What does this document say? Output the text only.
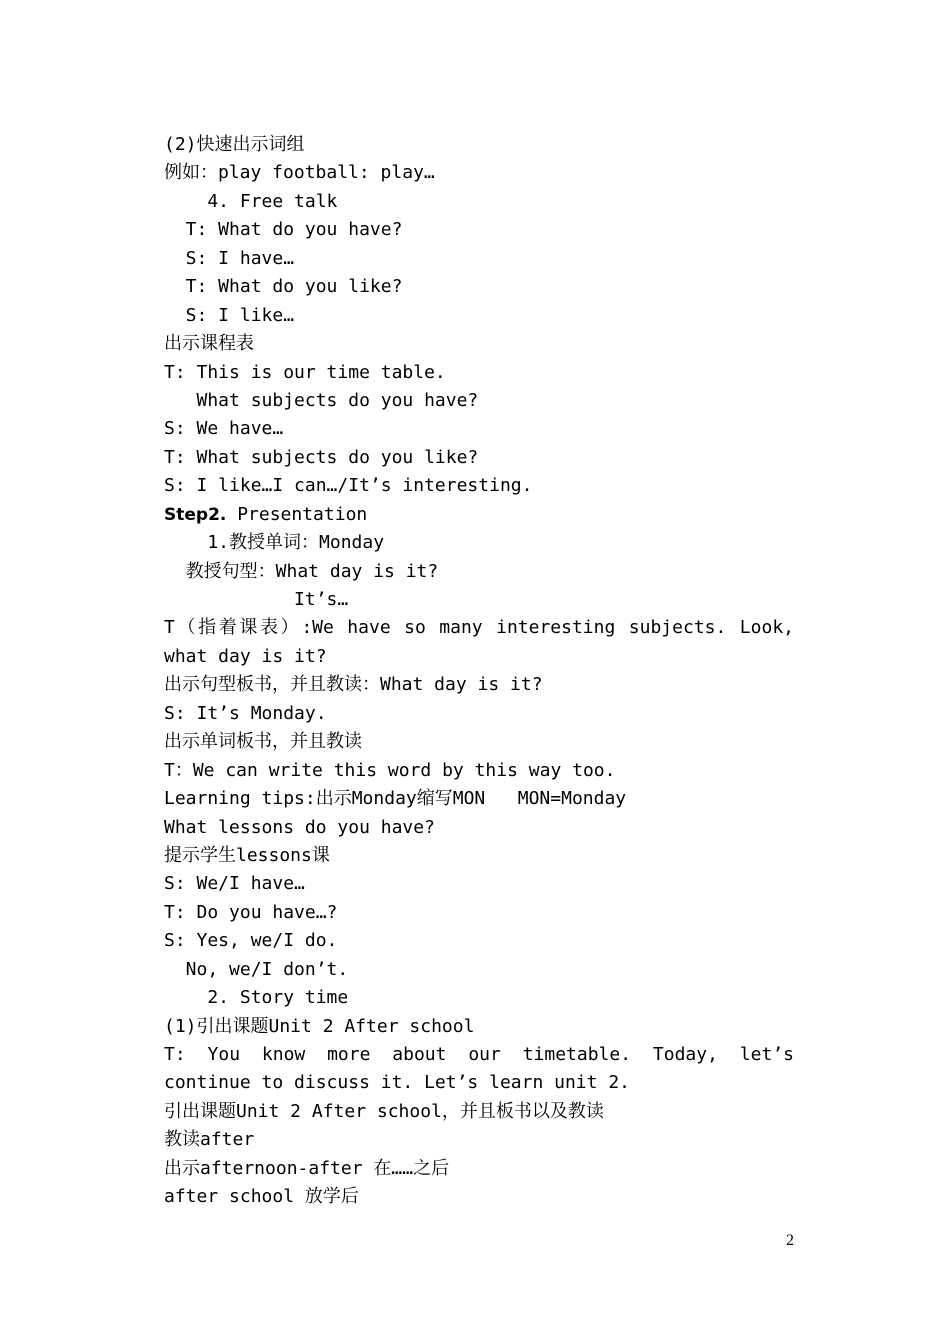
(2)快速出示词组
例如：play football: play…
4. Free talk
T: What do you have?
S: I have…
T: What do you like?
S: I like…
出示课程表
T: This is our time table.
What subjects do you have?
S: We have…
T: What subjects do you like?
S: I like…I can…/It’s interesting.
Step2. Presentation
1.教授单词：Monday
教授句型：What day is it?
It’s…
T（指着课表）:We have so many interesting subjects. Look,
what day is it?
出示句型板书，并且教读：What day is it?
S: It’s Monday.
出示单词板书，并且教读
T：We can write this word by this way too.
Learning tips:出示Monday缩写MON   MON=Monday
What lessons do you have?
提示学生lessons课
S: We/I have…
T: Do you have…?
S: Yes, we/I do.
No, we/I don’t.
2. Story time
(1)引出课题Unit 2 After school
T: You know more about our timetable. Today, let’s
continue to discuss it. Let’s learn unit 2.
引出课题Unit 2 After school，并且板书以及教读
教读after
出示afternoon-after 在……之后
after school 放学后
2
